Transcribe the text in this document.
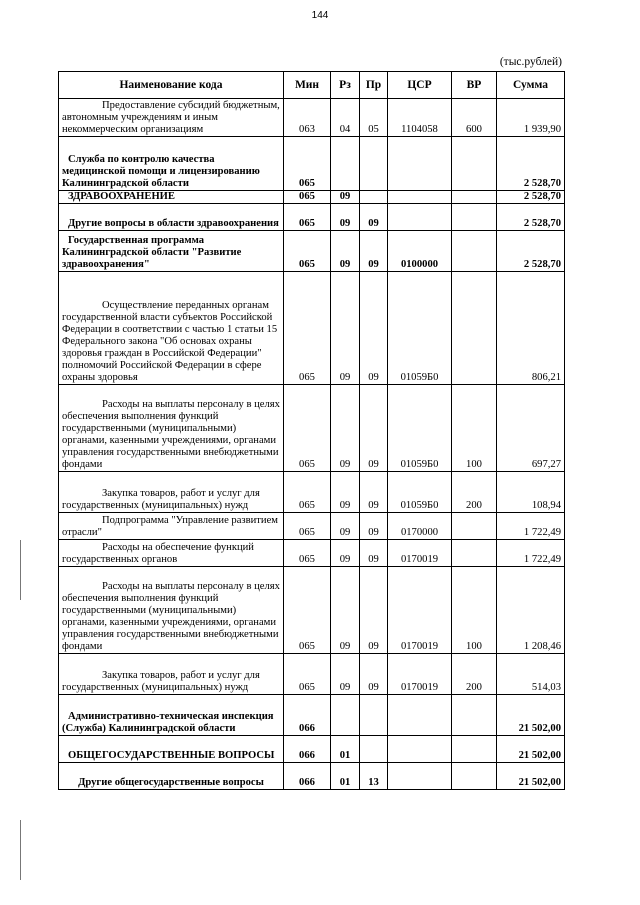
144
(тыс.рублей)
Наименование кода	Мин	Рз	Пр	ЦСР	ВР	Сумма

Предоставление субсидий бюджетным, автономным учреждениям и иным некоммерческим организациям	063	04	05	1104058	600	1 939,90

Служба по контролю качества медицинской помощи и лицензированию Калининградской области	065					2 528,70

ЗДРАВООХРАНЕНИЕ	065	09				2 528,70

Другие вопросы в области здравоохранения	065	09	09			2 528,70

Государственная программа Калининградской области "Развитие здравоохранения"	065	09	09	0100000		2 528,70

Осуществление переданных органам государственной власти субъектов Российской Федерации в соответствии с частью 1 статьи 15 Федерального закона "Об основах охраны здоровья граждан в Российской Федерации" полномочий Российской Федерации в сфере охраны здоровья	065	09	09	01059Б0		806,21

Расходы на выплаты персоналу в целях обеспечения выполнения функций государственными (муниципальными) органами, казенными учреждениями, органами управления государственными внебюджетными фондами	065	09	09	01059Б0	100	697,27

Закупка товаров, работ и услуг для государственных (муниципальных) нужд	065	09	09	01059Б0	200	108,94

Подпрограмма "Управление развитием отрасли"	065	09	09	0170000		1 722,49

Расходы на обеспечение функций государственных органов	065	09	09	0170019		1 722,49

Расходы на выплаты персоналу в целях обеспечения выполнения функций государственными (муниципальными) органами, казенными учреждениями, органами управления государственными внебюджетными фондами	065	09	09	0170019	100	1 208,46

Закупка товаров, работ и услуг для государственных (муниципальных) нужд	065	09	09	0170019	200	514,03

Административно-техническая инспекция (Служба) Калининградской области	066					21 502,00

ОБЩЕГОСУДАРСТВЕННЫЕ ВОПРОСЫ	066	01				21 502,00

Другие общегосударственные вопросы	066	01	13			21 502,00
